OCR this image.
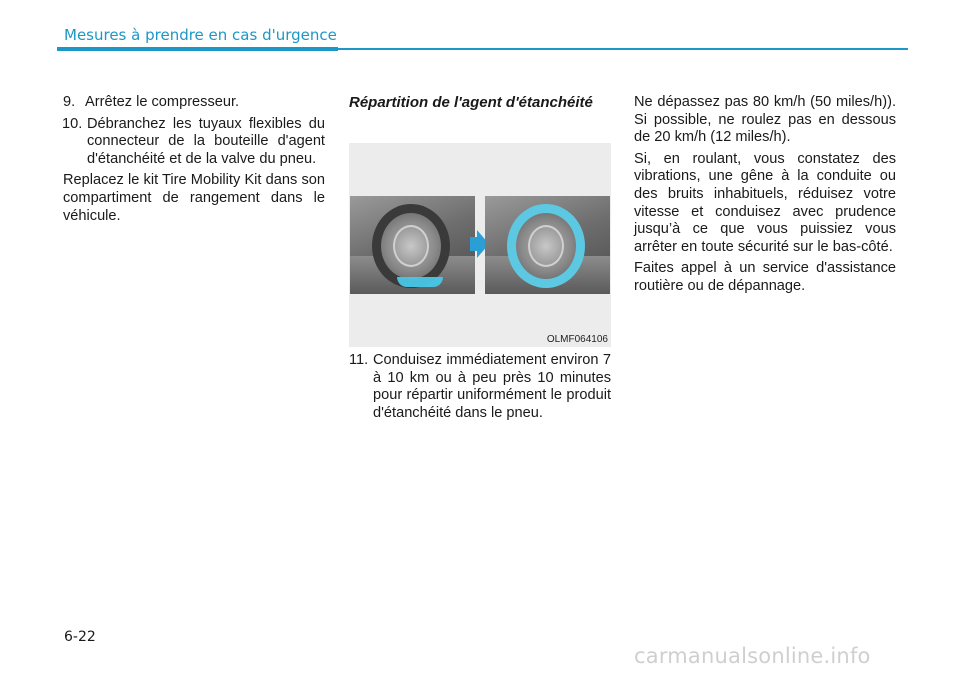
Mesures à prendre en cas d'urgence
9. Arrêtez le compresseur.
10. Débranchez les tuyaux flexibles du connecteur de la bouteille d'agent d'étanchéité et de la valve du pneu.

Replacez le kit Tire Mobility Kit dans son compartiment de rangement dans le véhicule.

Répartition de l'agent d'étanchéité

OLMF064106
11. Conduisez immédiatement environ 7 à 10 km ou à peu près 10 minutes pour répartir uniformément le produit d'étanchéité dans le pneu.

Ne dépassez pas 80 km/h (50 miles/h)). Si possible, ne roulez pas en dessous de 20 km/h (12 miles/h).

Si, en roulant, vous constatez des vibrations, une gêne à la conduite ou des bruits inhabituels, réduisez votre vitesse et conduisez avec prudence jusqu’à ce que vous puissiez vous arrêter en toute sécurité sur le bas-côté.

Faites appel à un service d'assistance routière ou de dépannage.

6-22
carmanualsonline.info
